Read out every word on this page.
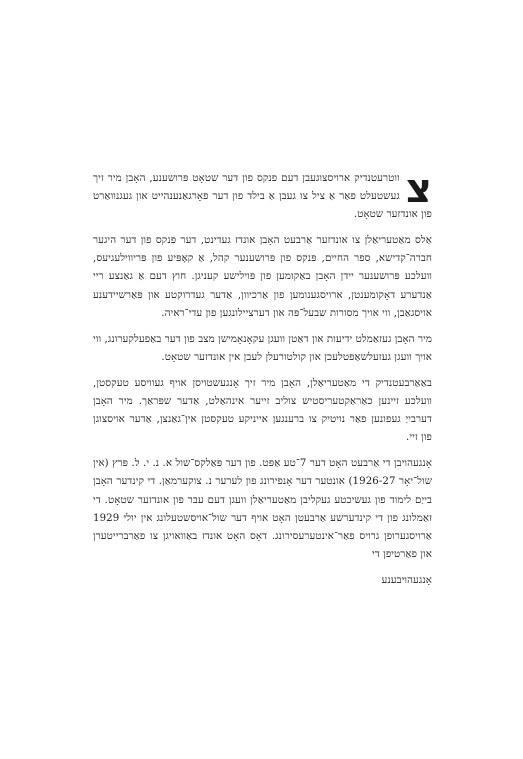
צ
ווטרעטנדיק ארויסצוגעבן דעם פנקס פון דער שטאָט פּרושענע, האָבן מיר זיך געשטעלט פאַר אַ ציל צו געבן אַ בילד פון דער פאָרגאַנענהייט און געגנוואַרט פון אונדזער שטאָט.

אַלס מאַטעריאַלן צו אונדזער אַרבעט האָבן אונדז געדינט, דער פּנקס פון דער היגער חברה־קדישא, ספר החיים, פּנקס פון פּרושענער קהל, אַ קאָפּיע פון פּריווילעגיעס, וועלכע פּרושענער יידן האָבן באַקומען פון פּוילישע קעניגן. חוץ דעם אַ גאַנצע ריי אַנדערע דאָקומענטן, ארויסגענומען פון אַרכיוון, אַדער געדרוקטע און פּאַרשיידענע אויסגאַבן, ווי אויך מסורות שבעל־פּה און דערציילונגען פון עדי־ראיה.

מיר האָבן געזאַמלט ידיעות און דאַטן וועגן עקאָנאָמישן מצב פון דער באַפעלקערונג, ווי אויך וועגן געזעלשאַפטלעכן און קולטורעלן לעבן אין אונדזער שטאָט.

באַאַרבעטנדיק די מאַטעריאַלן, האָבן מיר זיך אָנגעשטויסן אויף געוויסע טעקסטן, וועלכע זיינען כאַראַקטעריסטיש צוליב זייער אינהאַלט, אַדער שפּראַך. מיר האָבן דערבייַ געפונען פאַר נויטיק צו ברענגען אייניקע טעקסטן אין־גאַנצן, אַדער אויסצוגן פון זיי.

אָנגעהויבן די אַרבעט האָט דער 7־טע אַפּט. פון דער פּאַלקס־שול א. נ. י. ל. פּרץ (אין שול־יאָר 1926-27) אונטער דער אָנפירונג פון לערער נ. צוקערמאַן. די קינדער האָבן בייַם לימוד פון געשיכטע געקליבן מאַטעריאַלן וועגן דעם עבר פון אונדזער שטאָט. די זאַמלונג פון די קינדערשע אַרבעטן האָט אויף דער שול־אויסשטעלונג אין יולי 1929 אַרויסגערופן גרויס פאַר־אינטערעסירונג. דאָס האָט אונדז באַוואויגן צו פאַרברייטערן און פאַרטיפן די

אָנגעהויבענע
